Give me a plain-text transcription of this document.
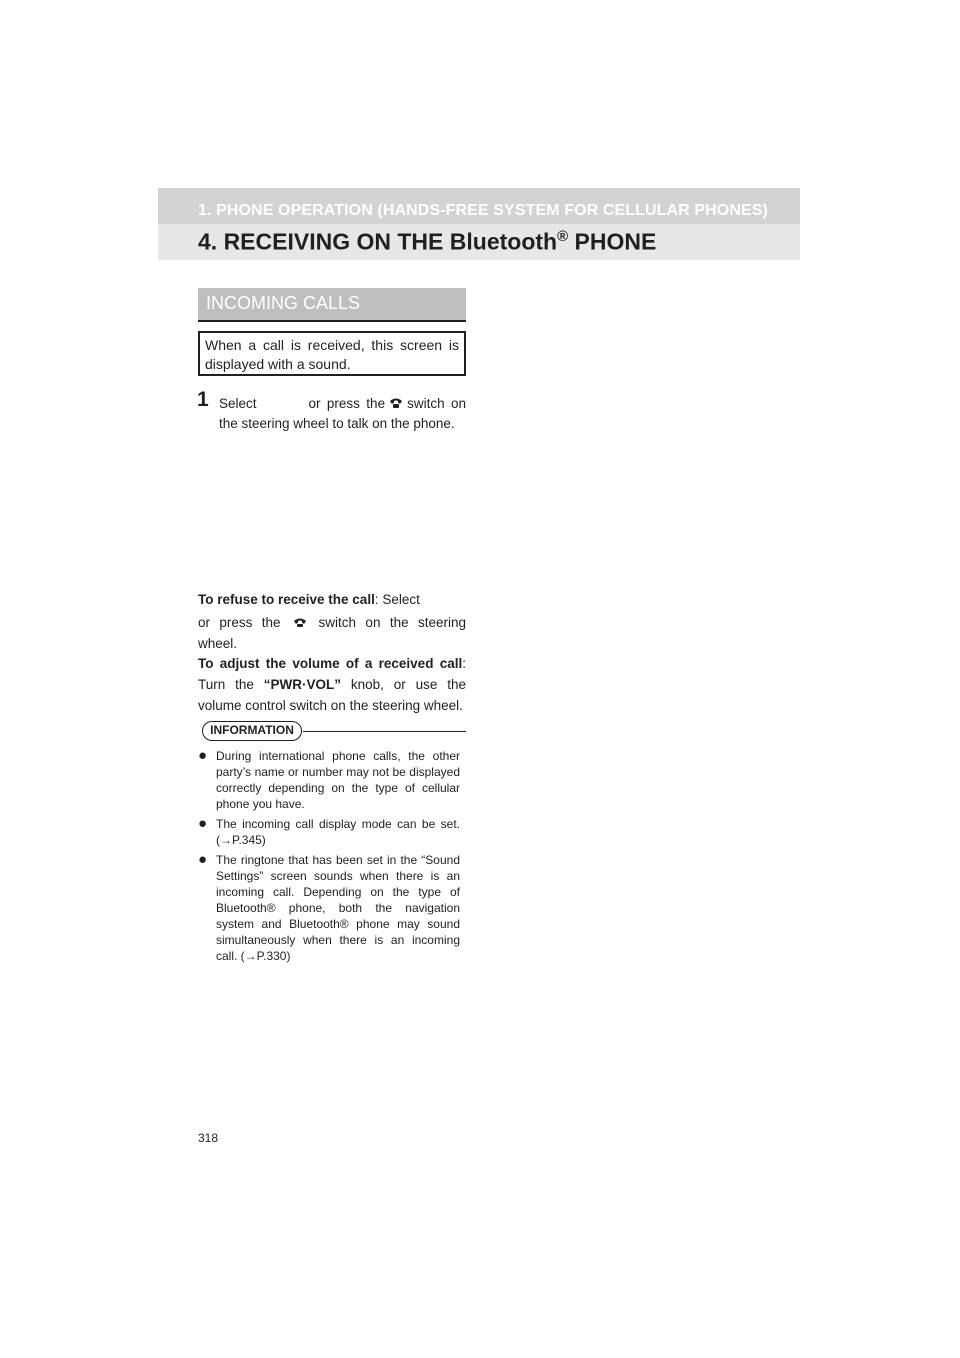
1. PHONE OPERATION (HANDS-FREE SYSTEM FOR CELLULAR PHONES)
4. RECEIVING ON THE Bluetooth® PHONE
INCOMING CALLS
When a call is received, this screen is displayed with a sound.
1 Select	or press the switch on the steering wheel to talk on the phone.
To refuse to receive the call: Select

or press the	switch on the steering wheel.
To adjust the volume of a received call: Turn the “PWR·VOL” knob, or use the volume control switch on the steering wheel.
INFORMATION
● During international phone calls, the other party’s name or number may not be displayed correctly depending on the type of cellular phone you have.
● The incoming call display mode can be set. (→P.345)
● The ringtone that has been set in the “Sound Settings” screen sounds when there is an incoming call. Depending on the type of Bluetooth® phone, both the navigation system and Bluetooth® phone may sound simultaneously when there is an incoming call. (→P.330)
318
